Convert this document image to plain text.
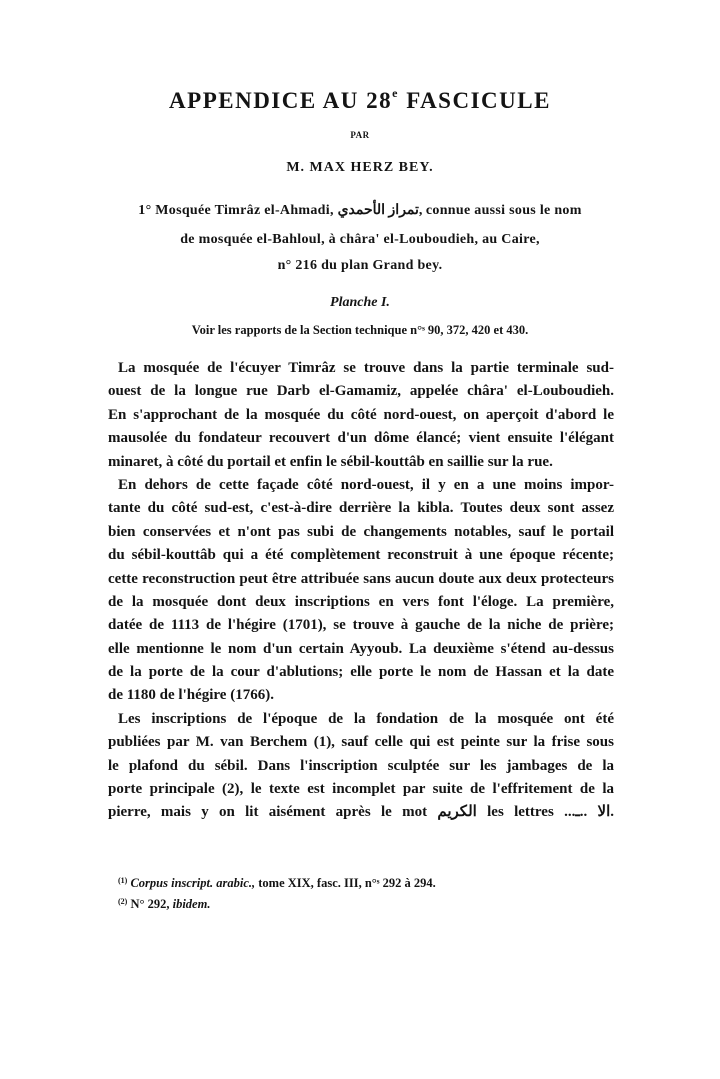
APPENDICE AU 28e FASCICULE
PAR
M. MAX HERZ BEY.
1° Mosquée Timrâz el-Ahmadi, تمراز الأحمدي, connue aussi sous le nom
de mosquée el-Bahloul, à châra' el-Louboudieh, au Caire,
n° 216 du plan Grand bey.
Planche I.
Voir les rapports de la Section technique n°ˢ 90, 372, 420 et 430.
La mosquée de l'écuyer Timrâz se trouve dans la partie terminale sud-
ouest de la longue rue Darb el-Gamamiz, appelée châra' el-Louboudieh.
En s'approchant de la mosquée du côté nord-ouest, on aperçoit d'abord le
mausolée du fondateur recouvert d'un dôme élancé; vient ensuite l'élégant
minaret, à côté du portail et enfin le sébil-kouttâb en saillie sur la rue.
En dehors de cette façade côté nord-ouest, il y en a une moins impor-
tante du côté sud-est, c'est-à-dire derrière la kibla. Toutes deux sont assez
bien conservées et n'ont pas subi de changements notables, sauf le portail
du sébil-kouttâb qui a été complètement reconstruit à une époque récente;
cette reconstruction peut être attribuée sans aucun doute aux deux protecteurs
de la mosquée dont deux inscriptions en vers font l'éloge. La première,
datée de 1113 de l'hégire (1701), se trouve à gauche de la niche de prière;
elle mentionne le nom d'un certain Ayyoub. La deuxième s'étend au-dessus
de la porte de la cour d'ablutions; elle porte le nom de Hassan et la date
de 1180 de l'hégire (1766).
Les inscriptions de l'époque de la fondation de la mosquée ont été
publiées par M. van Berchem (1), sauf celle qui est peinte sur la frise sous
le plafond du sébil. Dans l'inscription sculptée sur les jambages de la
porte principale (2), le texte est incomplet par suite de l'effritement de la
pierre, mais y on lit aisément après le mot الكريم les lettres ...الا ..ـ.
$^{(1)}$ Corpus inscript. arabic., tome XIX, fasc. III, n°ˢ 292 à 294.
$^{(2)}$ N° 292, ibidem.
